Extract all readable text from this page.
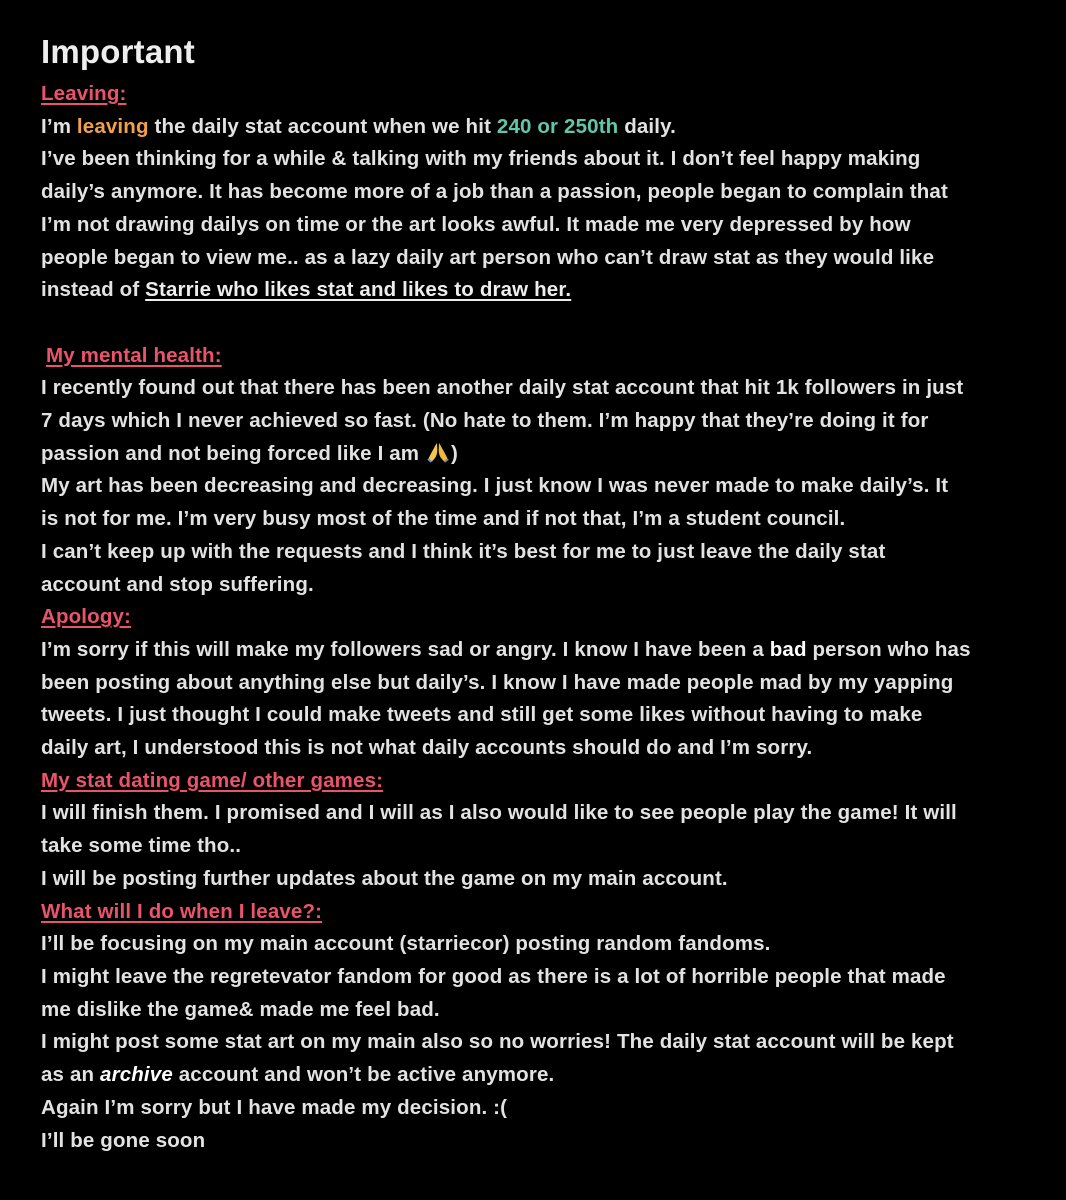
Important
Leaving:
I’m leaving the daily stat account when we hit 240 or 250th daily.
I’ve been thinking for a while & talking with my friends about it. I don’t feel happy making
daily’s anymore. It has become more of a job than a passion, people began to complain that
I’m not drawing dailys on time or the art looks awful. It made me very depressed by how
people began to view me.. as a lazy daily art person who can’t draw stat as they would like
instead of Starrie who likes stat and likes to draw her.

My mental health:
I recently found out that there has been another daily stat account that hit 1k followers in just
7 days which I never achieved so fast. (No hate to them. I’m happy that they’re doing it for
passion and not being forced like I am )
My art has been decreasing and decreasing. I just know I was never made to make daily’s. It
is not for me. I’m very busy most of the time and if not that, I’m a student council.
I can’t keep up with the requests and I think it’s best for me to just leave the daily stat
account and stop suffering.
Apology:
I’m sorry if this will make my followers sad or angry. I know I have been a bad person who has
been posting about anything else but daily’s. I know I have made people mad by my yapping
tweets. I just thought I could make tweets and still get some likes without having to make
daily art, I understood this is not what daily accounts should do and I’m sorry.
My stat dating game/ other games:
I will finish them. I promised and I will as I also would like to see people play the game! It will
take some time tho..
I will be posting further updates about the game on my main account.
What will I do when I leave?:
I’ll be focusing on my main account (starriecor) posting random fandoms.
I might leave the regretevator fandom for good as there is a lot of horrible people that made
me dislike the game& made me feel bad.
I might post some stat art on my main also so no worries! The daily stat account will be kept
as an archive account and won’t be active anymore.
Again I’m sorry but I have made my decision. :(
I’ll be gone soon
